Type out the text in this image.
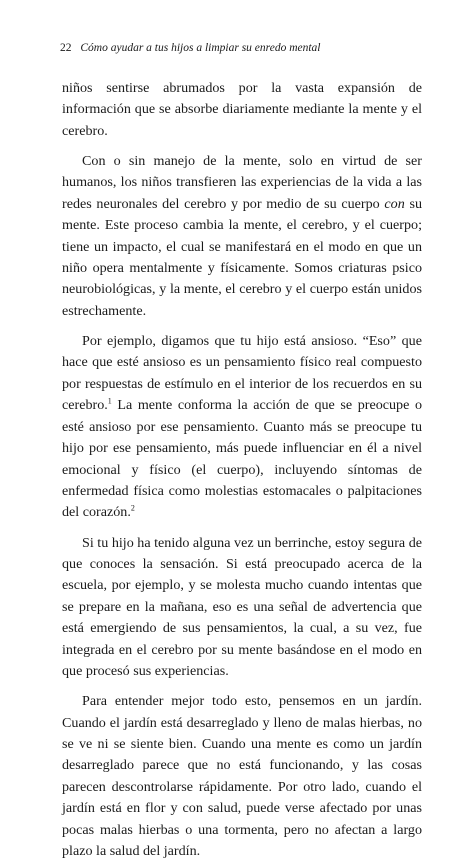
22 Cómo ayudar a tus hijos a limpiar su enredo mental

niños sentirse abrumados por la vasta expansión de información que se absorbe diariamente mediante la mente y el cerebro.

Con o sin manejo de la mente, solo en virtud de ser humanos, los niños transfieren las experiencias de la vida a las redes neuronales del cerebro y por medio de su cuerpo con su mente. Este proceso cambia la mente, el cerebro, y el cuerpo; tiene un impacto, el cual se manifestará en el modo en que un niño opera mentalmente y físicamente. Somos criaturas psico neurobiológicas, y la mente, el cerebro y el cuerpo están unidos estrechamente.

Por ejemplo, digamos que tu hijo está ansioso. “Eso” que hace que esté ansioso es un pensamiento físico real compuesto por respuestas de estímulo en el interior de los recuerdos en su cerebro.$^1$ La mente conforma la acción de que se preocupe o esté ansioso por ese pensamiento. Cuanto más se preocupe tu hijo por ese pensamiento, más puede influenciar en él a nivel emocional y físico (el cuerpo), incluyendo síntomas de enfermedad física como molestias estomacales o palpitaciones del corazón.$^2$

Si tu hijo ha tenido alguna vez un berrinche, estoy segura de que conoces la sensación. Si está preocupado acerca de la escuela, por ejemplo, y se molesta mucho cuando intentas que se prepare en la mañana, eso es una señal de advertencia que está emergiendo de sus pensamientos, la cual, a su vez, fue integrada en el cerebro por su mente basándose en el modo en que procesó sus experiencias.

Para entender mejor todo esto, pensemos en un jardín. Cuando el jardín está desarreglado y lleno de malas hierbas, no se ve ni se siente bien. Cuando una mente es como un jardín desarreglado parece que no está funcionando, y las cosas parecen descontrolarse rápidamente. Por otro lado, cuando el jardín está en flor y con salud, puede verse afectado por unas pocas malas hierbas o una tormenta, pero no afectan a largo plazo la salud del jardín.
